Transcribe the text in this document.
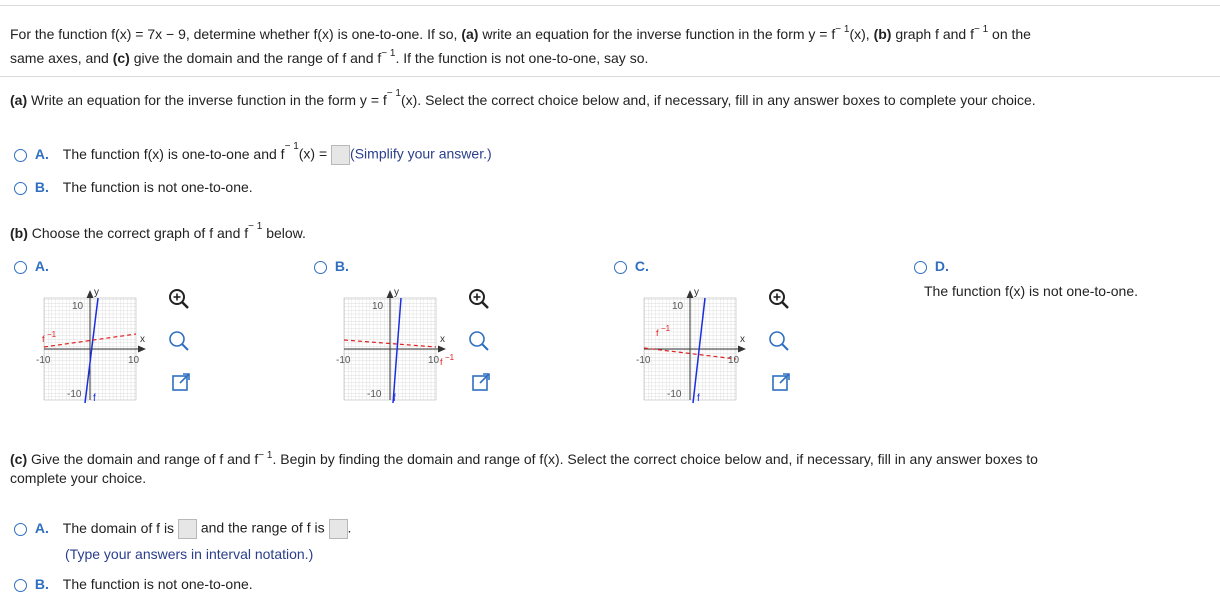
For the function f(x) = 7x − 9, determine whether f(x) is one-to-one. If so, (a) write an equation for the inverse function in the form $y = f^{- 1}(x)$, (b) graph f and $f^{- 1}$ on the
same axes, and (c) give the domain and the range of f and $f^{- 1}$. If the function is not one-to-one, say so.
(a) Write an equation for the inverse function in the form $y = f^{- 1}(x)$. Select the correct choice below and, if necessary, fill in any answer boxes to complete your choice.
A. The function f(x) is one-to-one and $f^{- 1}(x)$ = (Simplify your answer.)
B. The function is not one-to-one.
(b) Choose the correct graph of f and $f^{- 1}$ below.
A.	B.	C.	D.
The function f(x) is not one-to-one.
y
x
10
-10
-10	10
f
f −1
y
x
10
-10
-10	10
f
f −1
y
x
10
-10
-10	10
f
f −1
(c) Give the domain and range of f and $f^{- 1}$. Begin by finding the domain and range of f(x). Select the correct choice below and, if necessary, fill in any answer boxes to
complete your choice.
A. The domain of f is and the range of f is .
(Type your answers in interval notation.)
B. The function is not one-to-one.
